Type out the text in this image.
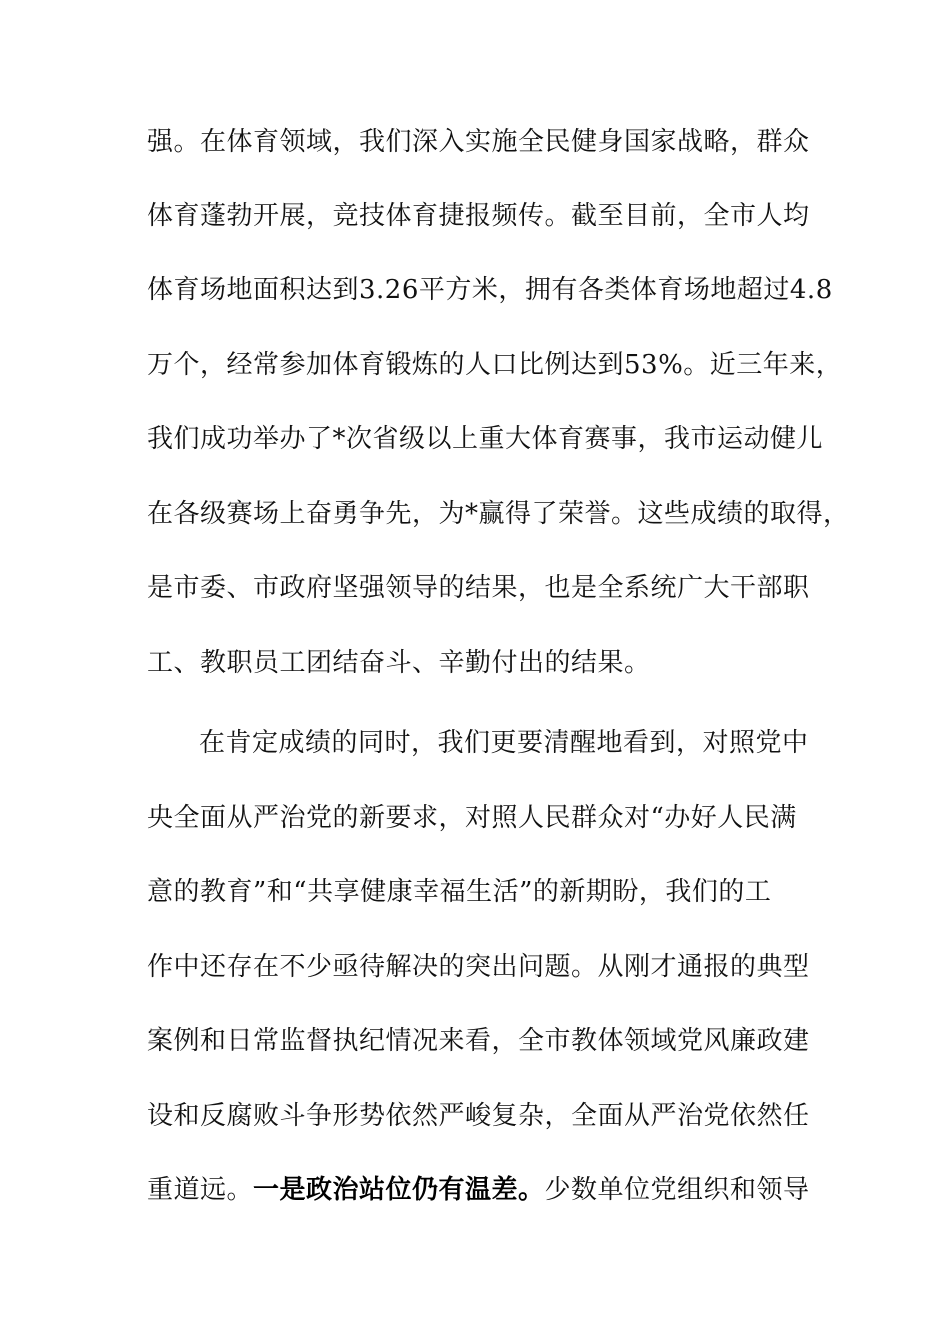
强。在体育领域，我们深入实施全民健身国家战略，群众
体育蓬勃开展，竞技体育捷报频传。截至目前，全市人均
体育场地面积达到3.26平方米，拥有各类体育场地超过4.8
万个，经常参加体育锻炼的人口比例达到53%。近三年来，
我们成功举办了*次省级以上重大体育赛事，我市运动健儿
在各级赛场上奋勇争先，为*赢得了荣誉。这些成绩的取得，
是市委、市政府坚强领导的结果，也是全系统广大干部职
工、教职员工团结奋斗、辛勤付出的结果。
在肯定成绩的同时，我们更要清醒地看到，对照党中
央全面从严治党的新要求，对照人民群众对“办好人民满
意的教育”和“共享健康幸福生活”的新期盼，我们的工
作中还存在不少亟待解决的突出问题。从刚才通报的典型
案例和日常监督执纪情况来看，全市教体领域党风廉政建
设和反腐败斗争形势依然严峻复杂，全面从严治党依然任
重道远。一是政治站位仍有温差。少数单位党组织和领导
